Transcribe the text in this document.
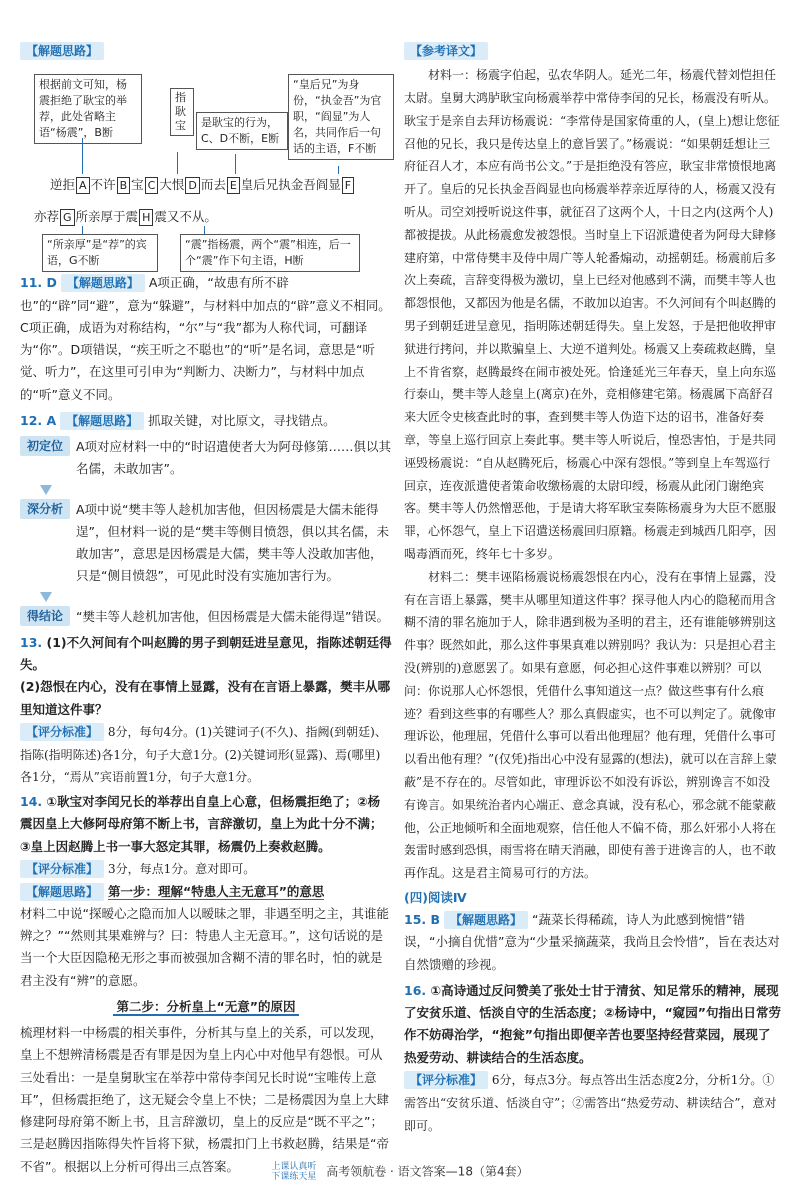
【解题思路】
根据前文可知，杨震拒绝了耿宝的举荐，此处省略主语“杨震”，B断
指耿宝	是耿宝的行为，C、D不断，E断
“皇后兄”为身份，“执金吾”为官职，“阎显”为人名，共同作后一句话的主语，F不断
逆拒 A 不许 B 宝 C 大恨 D 而去 E 皇后兄执金吾阎显 F
亦荐 G 所亲厚于震 H 震又不从。
“所亲厚”是“荐”的宾语，G不断
“震”指杨震，两个“震”相连，后一个“震”作下句主语，H断

11. D 【解题思路】 A项正确，“故患有所不辟也”的“辟”同“避”，意为“躲避”，与材料中加点的“辟”意义不相同。C项正确，成语为对称结构，“尔”与“我”都为人称代词，可翻译为“你”。D项错误，“疾王听之不聪也”的“听”是名词，意思是“听觉、听力”，在这里可引申为“判断力、决断力”，与材料中加点的“听”意义不同。

12. A 【解题思路】 抓取关键，对比原文，寻找错点。

初定位	A项对应材料一中的“时诏遣使者大为阿母修第……俱以其名儒，未敢加害”。
深分析	A项中说“樊丰等人趁机加害他，但因杨震是大儒未能得逞”，但材料一说的是“樊丰等侧目愤怨，俱以其名儒，未敢加害”，意思是因杨震是大儒，樊丰等人没敢加害他，只是“侧目愤怨”，可见此时没有实施加害行为。
得结论	“樊丰等人趁机加害他，但因杨震是大儒未能得逞”错误。

13. (1)不久河间有个叫赵腾的男子到朝廷进呈意见，指陈述朝廷得失。

(2)怨恨在内心，没有在事情上显露，没有在言语上暴露，樊丰从哪里知道这件事？

【评分标准】 8分，每句4分。(1)关键词子(不久)、指阙(到朝廷)、指陈(指明陈述)各1分，句子大意1分。(2)关键词形(显露)、焉(哪里)各1分，“焉从”宾语前置1分，句子大意1分。

14. ①耿宝对李闰兄长的举荐出自皇上心意，但杨震拒绝了；②杨震因皇上大修阿母府第不断上书，言辞激切，皇上为此十分不满；③皇上因赵腾上书一事大怒定其罪，杨震仍上奏救赵腾。

【评分标准】 3分，每点1分。意对即可。

【解题思路】 第一步：理解“特患人主无意耳”的意思

材料二中说“探暧心之隐而加人以暧昧之罪，非遇至明之主，其谁能辨之？”“然则其果难辨与？曰：特患人主无意耳。”，这句话说的是当一个大臣因隐秘无形之事而被强加含糊不清的罪名时，怕的就是君主没有“辨”的意愿。

第二步：分析皇上“无意”的原因

梳理材料一中杨震的相关事件，分析其与皇上的关系，可以发现，皇上不想辨清杨震是否有罪是因为皇上内心中对他早有怨恨。可从三处看出：一是皇舅耿宝在举荐中常侍李闰兄长时说“宝唯传上意耳”，但杨震拒绝了，这无疑会令皇上不快；二是杨震因为皇上大肆修建阿母府第不断上书，且言辞激切，皇上的反应是“既不平之”；三是赵腾因指陈得失忤旨将下狱，杨震扣门上书救赵腾，结果是“帝不省”。根据以上分析可得出三点答案。

【参考译文】

材料一：杨震字伯起，弘农华阴人。延光二年，杨震代替刘恺担任太尉。皇舅大鸿胪耿宝向杨震举荐中常侍李闰的兄长，杨震没有听从。耿宝于是亲自去拜访杨震说：“李常侍是国家倚重的人，(皇上)想让您征召他的兄长，我只是传达皇上的意旨罢了。”杨震说：“如果朝廷想让三府征召人才，本应有尚书公文。”于是拒绝没有答应，耿宝非常愤恨地离开了。皇后的兄长执金吾阎显也向杨震举荐亲近厚待的人，杨震又没有听从。司空刘授听说这件事，就征召了这两个人，十日之内(这两个人)都被提拔。从此杨震愈发被怨恨。当时皇上下诏派遣使者为阿母大肆修建府第，中常侍樊丰及侍中周广等人轮番煽动，动摇朝廷。杨震前后多次上奏疏，言辞变得极为激切，皇上已经对他感到不满，而樊丰等人也都怨恨他，又都因为他是名儒，不敢加以迫害。不久河间有个叫赵腾的男子到朝廷进呈意见，指明陈述朝廷得失。皇上发怒，于是把他收押审狱进行拷问，并以欺骗皇上、大逆不道判处。杨震又上奏疏救赵腾，皇上不肯省察，赵腾最终在闹市被处死。恰逢延光三年春天，皇上向东巡行泰山，樊丰等人趁皇上(离京)在外，竞相修建宅第。杨震属下高舒召来大匠令史核查此时的事，查到樊丰等人伪造下达的诏书，准备好奏章，等皇上巡行回京上奏此事。樊丰等人听说后，惶恐害怕，于是共同诬毁杨震说：“自从赵腾死后，杨震心中深有怨恨。”等到皇上车驾巡行回京，连夜派遣使者策命收缴杨震的太尉印绶，杨震从此闭门谢绝宾客。樊丰等人仍然憎恶他，于是请大将军耿宝奏陈杨震身为大臣不愿服罪，心怀怨气，皇上下诏遣送杨震回归原籍。杨震走到城西几阳亭，因喝毒酒而死，终年七十多岁。

材料二：樊丰诬陷杨震说杨震怨恨在内心，没有在事情上显露，没有在言语上暴露，樊丰从哪里知道这件事？探寻他人内心的隐秘而用含糊不清的罪名施加于人，除非遇到极为圣明的君主，还有谁能够辨别这件事？既然如此，那么这件事果真难以辨别吗？我认为：只是担心君主没(辨别的)意愿罢了。如果有意愿，何必担心这件事难以辨别？可以问：你说那人心怀怨恨，凭借什么事知道这一点？做这些事有什么痕迹？看到这些事的有哪些人？那么真假虚实，也不可以判定了。就像审理诉讼，他理屈，凭借什么事可以看出他理屈？他有理，凭借什么事可以看出他有理？”(仅凭)指出心中没有显露的(想法)，就可以在言辞上蒙蔽”是不存在的。尽管如此，审理诉讼不如没有诉讼，辨别谗言不如没有谗言。如果统治者内心端正、意念真诚，没有私心，邪念就不能蒙蔽他，公正地倾听和全面地观察，信任他人不偏不倚，那么奸邪小人将在轰雷时感到恐惧，雨雪将在晴天消融，即使有善于进谗言的人，也不敢再作乱。这是君主简易可行的方法。

(四)阅读Ⅳ

15. B 【解题思路】 “蔬菜长得稀疏，诗人为此感到惋惜”错误，“小摘自优惜”意为“少量采摘蔬菜，我尚且会怜惜”，旨在表达对自然馈赠的珍视。

16. ①高诗通过反问赞美了张处士甘于清贫、知足常乐的精神，展现了安贫乐道、恬淡自守的生活态度；②杨诗中，“窥园”句指出日常劳作不妨碍治学，“抱瓮”句指出即便辛苦也要坚持经营菜园，展现了热爱劳动、耕读结合的生活态度。

【评分标准】 6分，每点3分。每点答出生活态度2分，分析1分。①需答出“安贫乐道、恬淡自守”；②需答出“热爱劳动、耕读结合”，意对即可。

上课认真听
下课练天星 高考领航卷 · 语文答案—18（第4套）
